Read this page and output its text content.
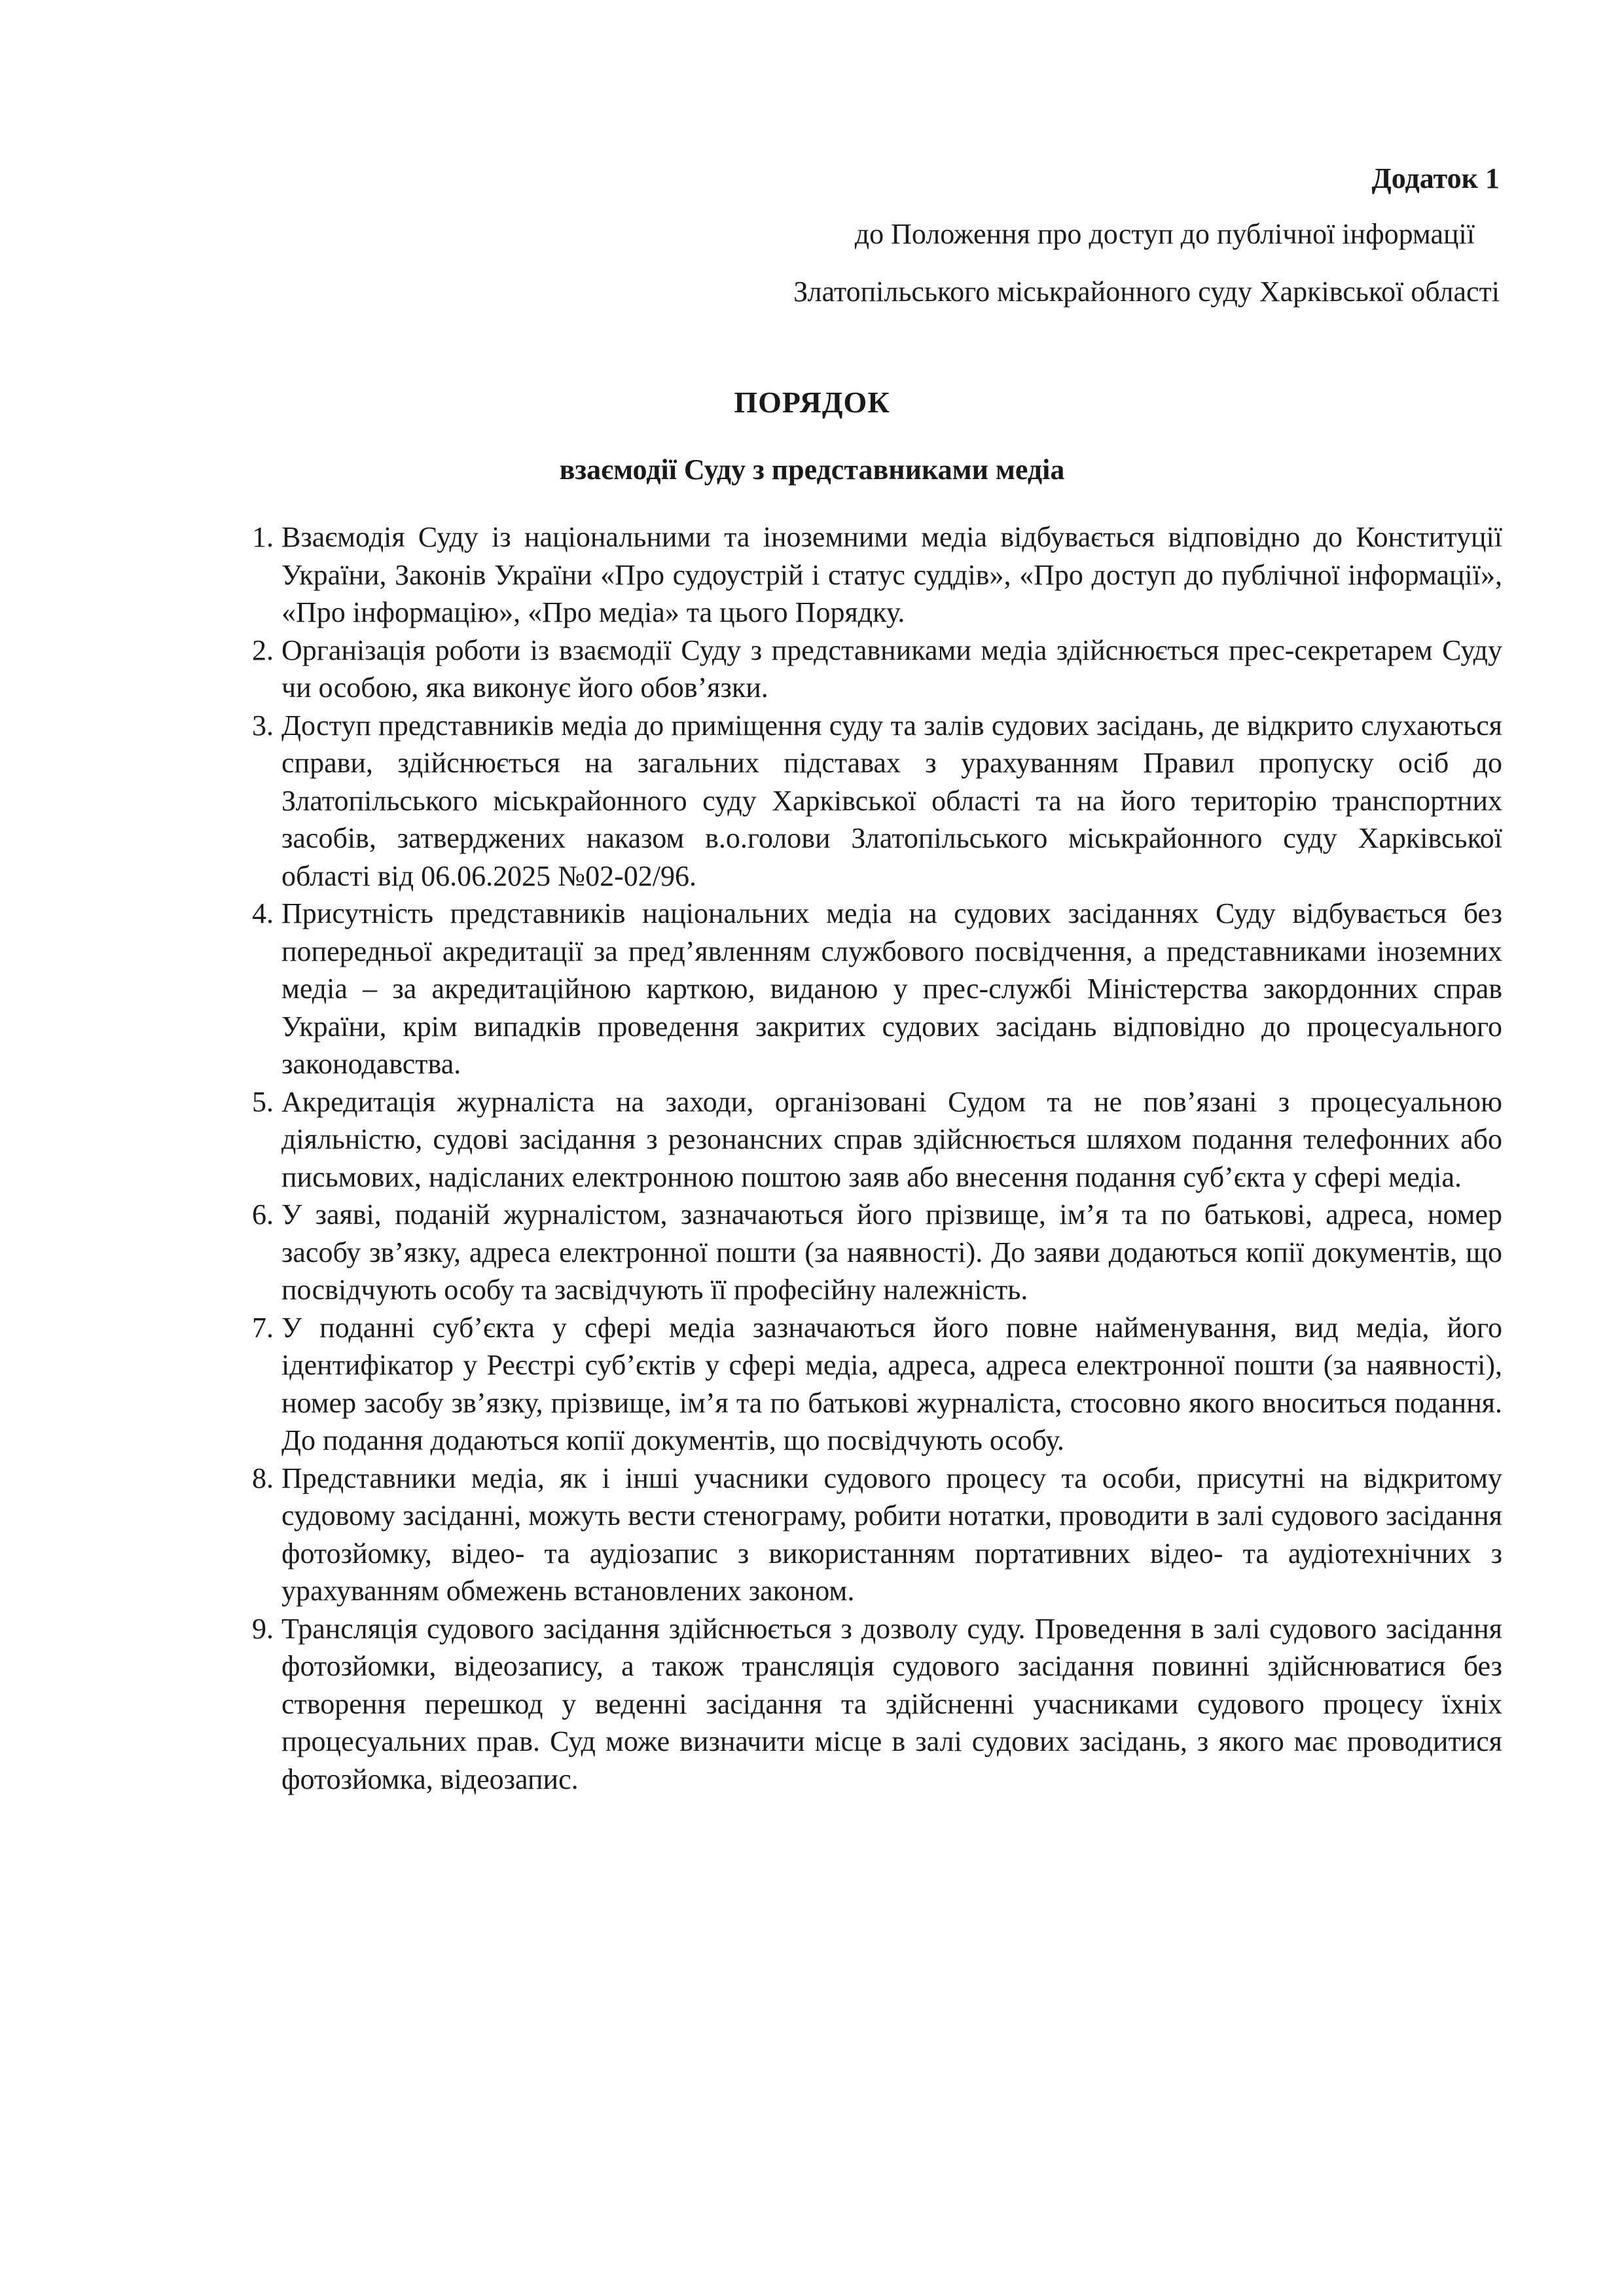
Додаток 1
до Положення про доступ до публічної інформації
Златопільського міськрайонного суду Харківської області
ПОРЯДОК
взаємодії Суду з представниками медіа
1. Взаємодія Суду із національними та іноземними медіа відбувається відповідно до Конституції України, Законів України «Про судоустрій і статус суддів», «Про доступ до публічної інформації», «Про інформацію», «Про медіа» та цього Порядку.
2. Організація роботи із взаємодії Суду з представниками медіа здійснюється прес-секретарем Суду чи особою, яка виконує його обов’язки.
3. Доступ представників медіа до приміщення суду та залів судових засідань, де відкрито слухаються справи, здійснюється на загальних підставах з урахуванням Правил пропуску осіб до Златопільського міськрайонного суду Харківської області та на його територію транспортних засобів, затверджених наказом в.о.голови Златопільського міськрайонного суду Харківської області від 06.06.2025 №02-02/96.
4. Присутність представників національних медіа на судових засіданнях Суду відбувається без попередньої акредитації за пред’явленням службового посвідчення, а представниками іноземних медіа – за акредитаційною карткою, виданою у прес-службі Міністерства закордонних справ України, крім випадків проведення закритих судових засідань відповідно до процесуального законодавства.
5. Акредитація журналіста на заходи, організовані Судом та не пов’язані з процесуальною діяльністю, судові засідання з резонансних справ здійснюється шляхом подання телефонних або письмових, надісланих електронною поштою заяв або внесення подання суб’єкта у сфері медіа.
6. У заяві, поданій журналістом, зазначаються його прізвище, ім’я та по батькові, адреса, номер засобу зв’язку, адреса електронної пошти (за наявності). До заяви додаються копії документів, що посвідчують особу та засвідчують її професійну належність.
7. У поданні суб’єкта у сфері медіа зазначаються його повне найменування, вид медіа, його ідентифікатор у Реєстрі суб’єктів у сфері медіа, адреса, адреса електронної пошти (за наявності), номер засобу зв’язку, прізвище, ім’я та по батькові журналіста, стосовно якого вноситься подання. До подання додаються копії документів, що посвідчують особу.
8. Представники медіа, як і інші учасники судового процесу та особи, присутні на відкритому судовому засіданні, можуть вести стенограму, робити нотатки, проводити в залі судового засідання фотозйомку, відео- та аудіозапис з використанням портативних відео- та аудіотехнічних з урахуванням обмежень встановлених законом.
9. Трансляція судового засідання здійснюється з дозволу суду. Проведення в залі судового засідання фотозйомки, відеозапису, а також трансляція судового засідання повинні здійснюватися без створення перешкод у веденні засідання та здійсненні учасниками судового процесу їхніх процесуальних прав. Суд може визначити місце в залі судових засідань, з якого має проводитися фотозйомка, відеозапис.
